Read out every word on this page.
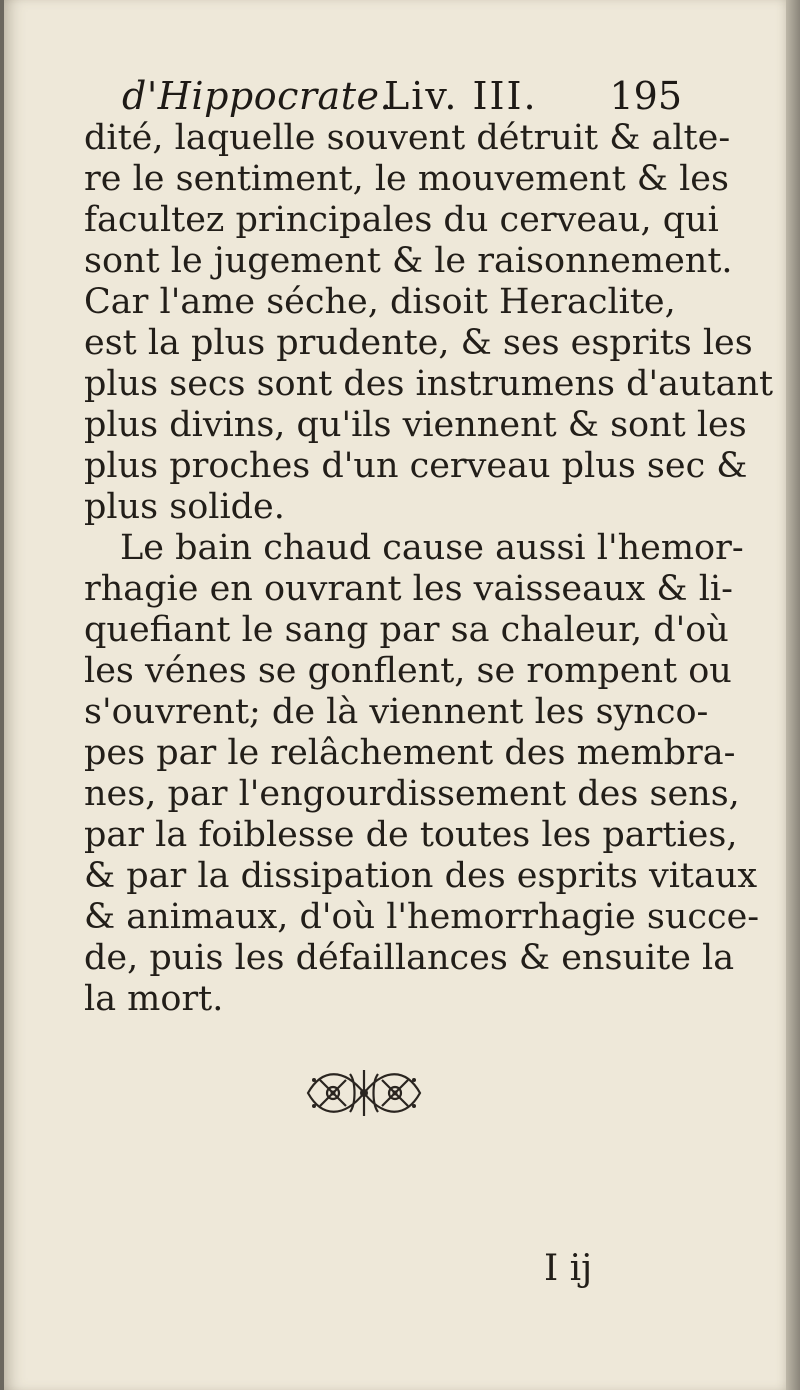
d'Hippocrate.
Liv. III. 195
dité, laquelle souvent détruit & alte-
re le sentiment, le mouvement & les
facultez principales du cerveau, qui
sont le jugement & le raisonnement.
Car l'ame séche, disoit Heraclite,
est la plus prudente, & ses esprits les
plus secs sont des instrumens d'autant
plus divins, qu'ils viennent & sont les
plus proches d'un cerveau plus sec &
plus solide.
Le bain chaud cause aussi l'hemor-
rhagie en ouvrant les vaisseaux & li-
quefiant le sang par sa chaleur, d'où
les vénes se gonflent, se rompent ou
s'ouvrent; de là viennent les synco-
pes par le relâchement des membra-
nes, par l'engourdissement des sens,
par la foiblesse de toutes les parties,
& par la dissipation des esprits vitaux
& animaux, d'où l'hemorrhagie succe-
de, puis les défaillances & ensuite la
la mort.
I ij
